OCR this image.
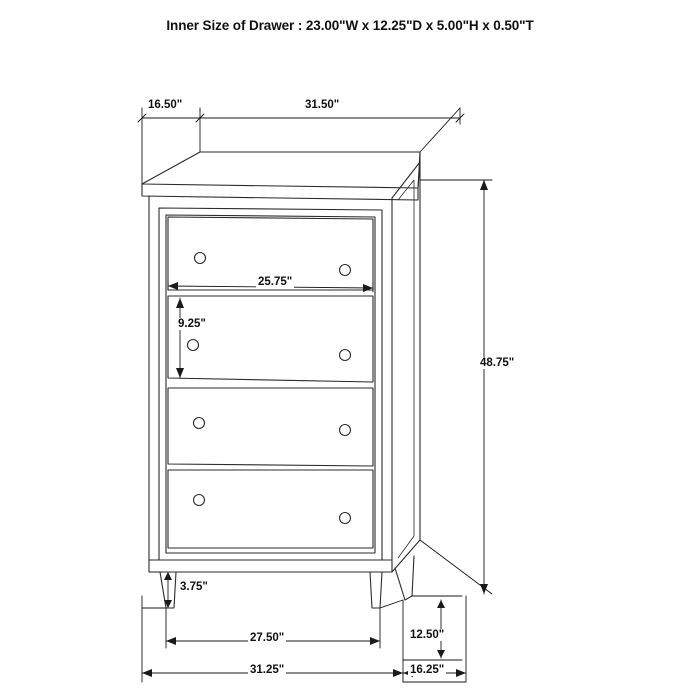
Inner Size of Drawer : 23.00"W x 12.25"D x 5.00"H x 0.50"T
16.50"	31.50"
25.75"
9.25"
48.75"
3.75"
27.50"
31.25"
12.50"
16.25"
